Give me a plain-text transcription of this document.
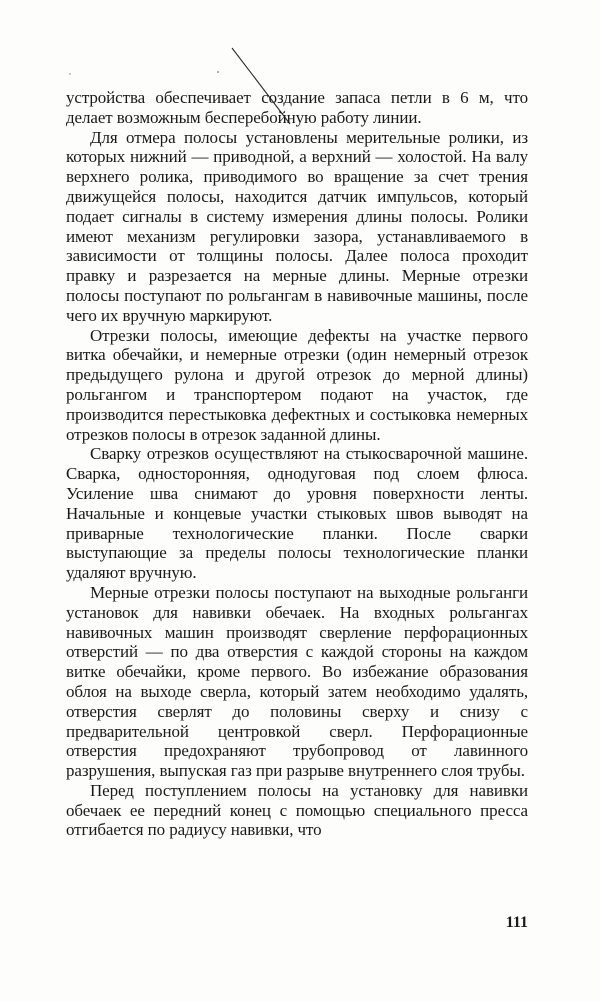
устройства обеспечивает создание запаса петли в 6 м, что делает возможным бесперебойную работу линии.

Для отмера полосы установлены мерительные ролики, из которых нижний — приводной, а верхний — холостой. На валу верхнего ролика, приводимого во вращение за счет трения движущейся полосы, находится датчик импульсов, который подает сигналы в систему измерения длины полосы. Ролики имеют механизм регулировки зазора, устанавливаемого в зависимости от толщины полосы. Далее полоса проходит правку и разрезается на мерные длины. Мерные отрезки полосы поступают по рольгангам в навивочные машины, после чего их вручную маркируют.

Отрезки полосы, имеющие дефекты на участке первого витка обечайки, и немерные отрезки (один немерный отрезок предыдущего рулона и другой отрезок до мерной длины) рольгангом и транспортером подают на участок, где производится перестыковка дефектных и состыковка немерных отрезков полосы в отрезок заданной длины.

Сварку отрезков осуществляют на стыкосварочной машине. Сварка, односторонняя, однодуговая под слоем флюса. Усиление шва снимают до уровня поверхности ленты. Начальные и концевые участки стыковых швов выводят на приварные технологические планки. После сварки выступающие за пределы полосы технологические планки удаляют вручную.

Мерные отрезки полосы поступают на выходные рольганги установок для навивки обечаек. На входных рольгангах навивочных машин производят сверление перфорационных отверстий — по два отверстия с каждой стороны на каждом витке обечайки, кроме первого. Во избежание образования облоя на выходе сверла, который затем необходимо удалять, отверстия сверлят до половины сверху и снизу с предварительной центровкой сверл. Перфорационные отверстия предохраняют трубопровод от лавинного разрушения, выпуская газ при разрыве внутреннего слоя трубы.

Перед поступлением полосы на установку для навивки обечаек ее передний конец с помощью специального пресса отгибается по радиусу навивки, что

111
